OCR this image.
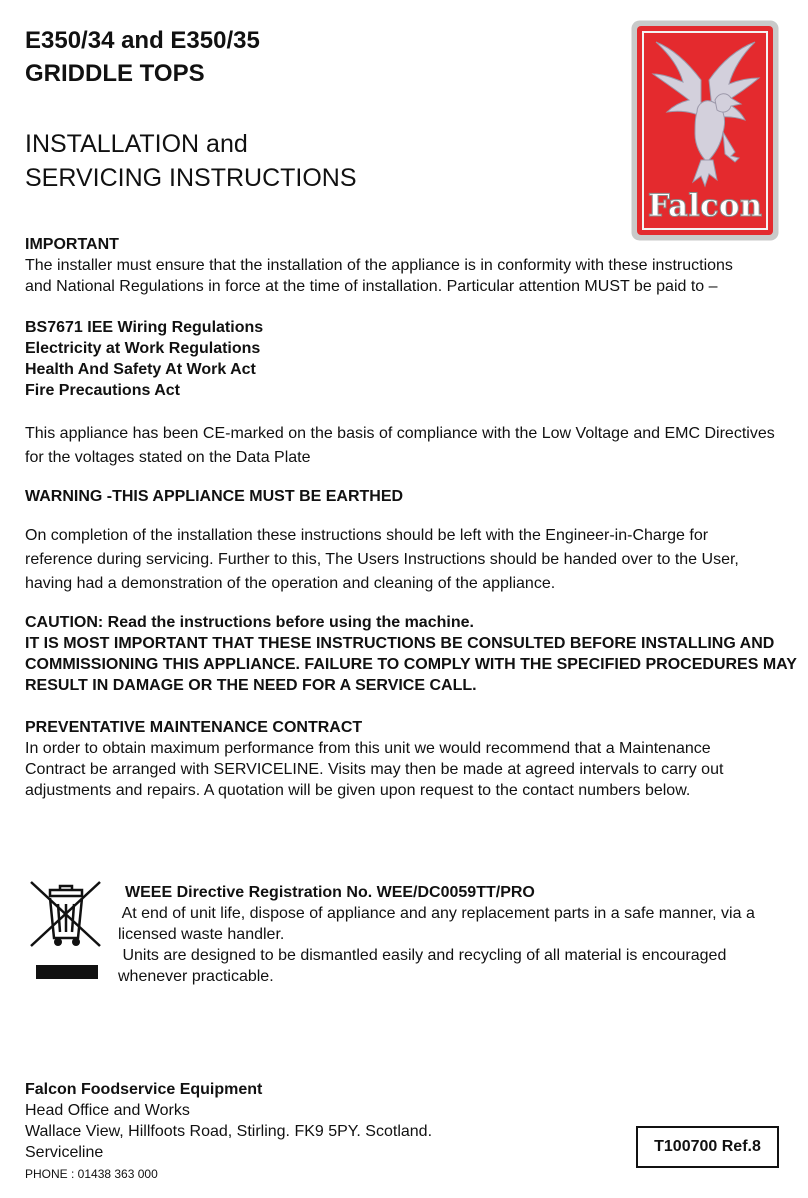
E350/34 and E350/35
GRIDDLE TOPS
INSTALLATION and
SERVICING INSTRUCTIONS
Falcon
IMPORTANT
The installer must ensure that the installation of the appliance is in conformity with these instructions
and National Regulations in force at the time of installation. Particular attention MUST be paid to –
BS7671 IEE Wiring Regulations
Electricity at Work Regulations
Health And Safety At Work Act
Fire Precautions Act
This appliance has been CE-marked on the basis of compliance with the Low Voltage and EMC Directives
for the voltages stated on the Data Plate
WARNING -THIS APPLIANCE MUST BE EARTHED
On completion of the installation these instructions should be left with the Engineer-in-Charge for
reference during servicing. Further to this, The Users Instructions should be handed over to the User,
having had a demonstration of the operation and cleaning of the appliance.
CAUTION: Read the instructions before using the machine.
IT IS MOST IMPORTANT THAT THESE INSTRUCTIONS BE CONSULTED BEFORE INSTALLING AND
COMMISSIONING THIS APPLIANCE. FAILURE TO COMPLY WITH THE SPECIFIED PROCEDURES MAY
RESULT IN DAMAGE OR THE NEED FOR A SERVICE CALL.
PREVENTATIVE MAINTENANCE CONTRACT
In order to obtain maximum performance from this unit we would recommend that a Maintenance
Contract be arranged with SERVICELINE. Visits may then be made at agreed intervals to carry out
adjustments and repairs. A quotation will be given upon request to the contact numbers below.
WEEE Directive Registration No. WEE/DC0059TT/PRO
At end of unit life, dispose of appliance and any replacement parts in a safe manner, via a
licensed waste handler.
Units are designed to be dismantled easily and recycling of all material is encouraged
whenever practicable.
Falcon Foodservice Equipment
Head Office and Works
Wallace View, Hillfoots Road, Stirling. FK9 5PY. Scotland.
Serviceline
PHONE : 01438 363 000
T100700 Ref.8
